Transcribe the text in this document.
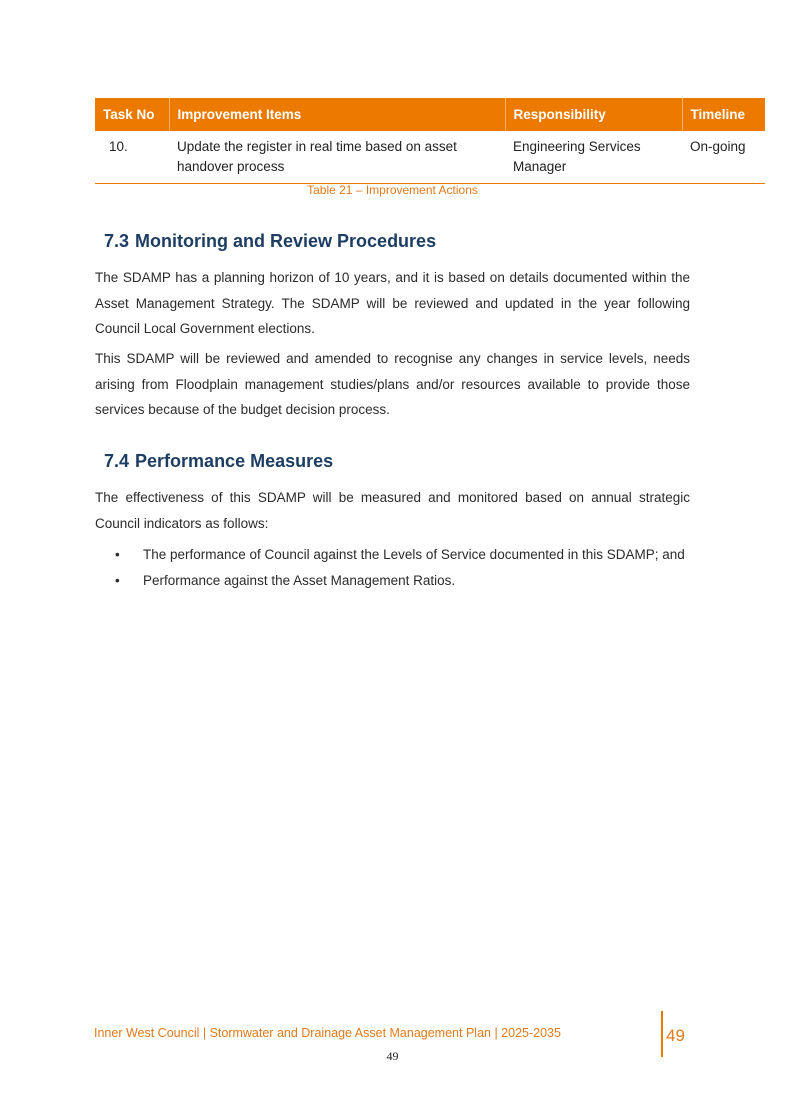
Task No	Improvement Items	Responsibility	Timeline
10.	Update the register in real time based on asset handover process	Engineering Services Manager	On-going
Table 21 – Improvement Actions
7.3 Monitoring and Review Procedures

The SDAMP has a planning horizon of 10 years, and it is based on details documented within the Asset Management Strategy. The SDAMP will be reviewed and updated in the year following Council Local Government elections.

This SDAMP will be reviewed and amended to recognise any changes in service levels, needs arising from Floodplain management studies/plans and/or resources available to provide those services because of the budget decision process.

7.4 Performance Measures

The effectiveness of this SDAMP will be measured and monitored based on annual strategic Council indicators as follows:

• The performance of Council against the Levels of Service documented in this SDAMP; and
• Performance against the Asset Management Ratios.
Inner West Council | Stormwater and Drainage Asset Management Plan | 2025-2035	49
49
